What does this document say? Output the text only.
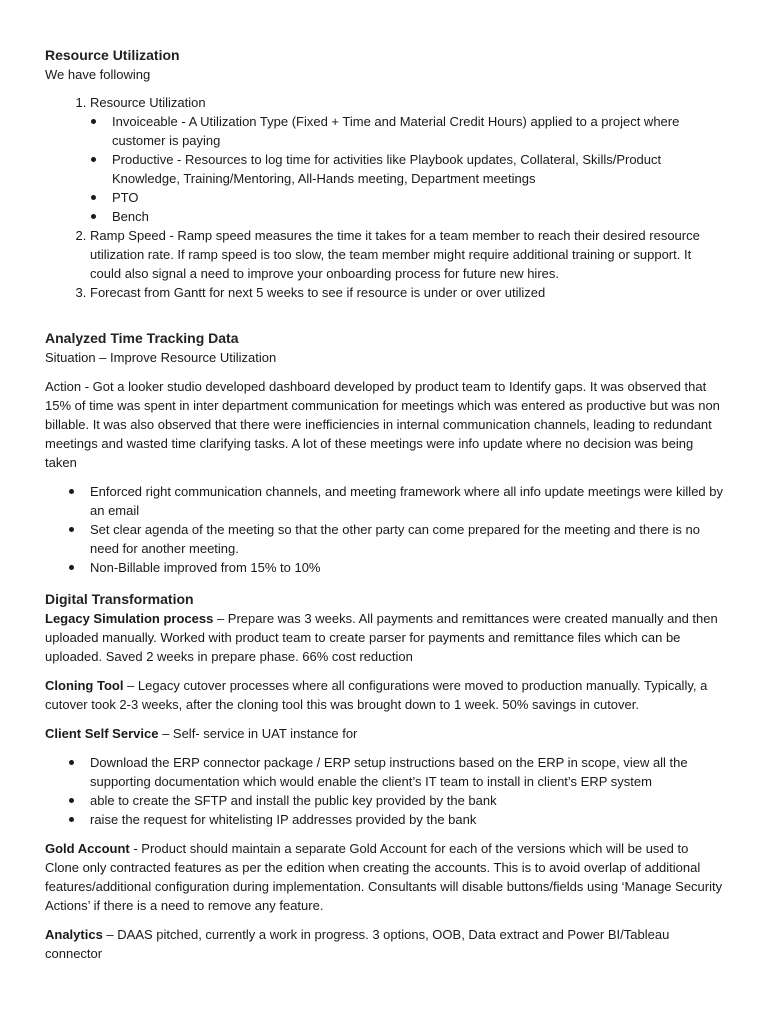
Resource Utilization

We have following

1. Resource Utilization
Invoiceable - A Utilization Type (Fixed + Time and Material Credit Hours) applied to a project where customer is paying
Productive - Resources to log time for activities like Playbook updates, Collateral, Skills/Product Knowledge, Training/Mentoring, All-Hands meeting, Department meetings
PTO
Bench
2. Ramp Speed - Ramp speed measures the time it takes for a team member to reach their desired resource utilization rate. If ramp speed is too slow, the team member might require additional training or support. It could also signal a need to improve your onboarding process for future new hires.
3. Forecast from Gantt for next 5 weeks to see if resource is under or over utilized
Analyzed Time Tracking Data

Situation – Improve Resource Utilization

Action - Got a looker studio developed dashboard developed by product team to Identify gaps. It was observed that 15% of time was spent in inter department communication for meetings which was entered as productive but was non billable. It was also observed that there were inefficiencies in internal communication channels, leading to redundant meetings and wasted time clarifying tasks. A lot of these meetings were info update where no decision was being taken

Enforced right communication channels, and meeting framework where all info update meetings were killed by an email
Set clear agenda of the meeting so that the other party can come prepared for the meeting and there is no need for another meeting.
Non-Billable improved from 15% to 10%
Digital Transformation

Legacy Simulation process – Prepare was 3 weeks. All payments and remittances were created manually and then uploaded manually. Worked with product team to create parser for payments and remittance files which can be uploaded. Saved 2 weeks in prepare phase. 66% cost reduction

Cloning Tool – Legacy cutover processes where all configurations were moved to production manually. Typically, a cutover took 2-3 weeks, after the cloning tool this was brought down to 1 week. 50% savings in cutover.

Client Self Service – Self- service in UAT instance for

Download the ERP connector package / ERP setup instructions based on the ERP in scope, view all the supporting documentation which would enable the client’s IT team to install in client’s ERP system
able to create the SFTP and install the public key provided by the bank
raise the request for whitelisting IP addresses provided by the bank

Gold Account - Product should maintain a separate Gold Account for each of the versions which will be used to Clone only contracted features as per the edition when creating the accounts. This is to avoid overlap of additional features/additional configuration during implementation. Consultants will disable buttons/fields using ‘Manage Security Actions’ if there is a need to remove any feature.

Analytics – DAAS pitched, currently a work in progress. 3 options, OOB, Data extract and Power BI/Tableau connector
